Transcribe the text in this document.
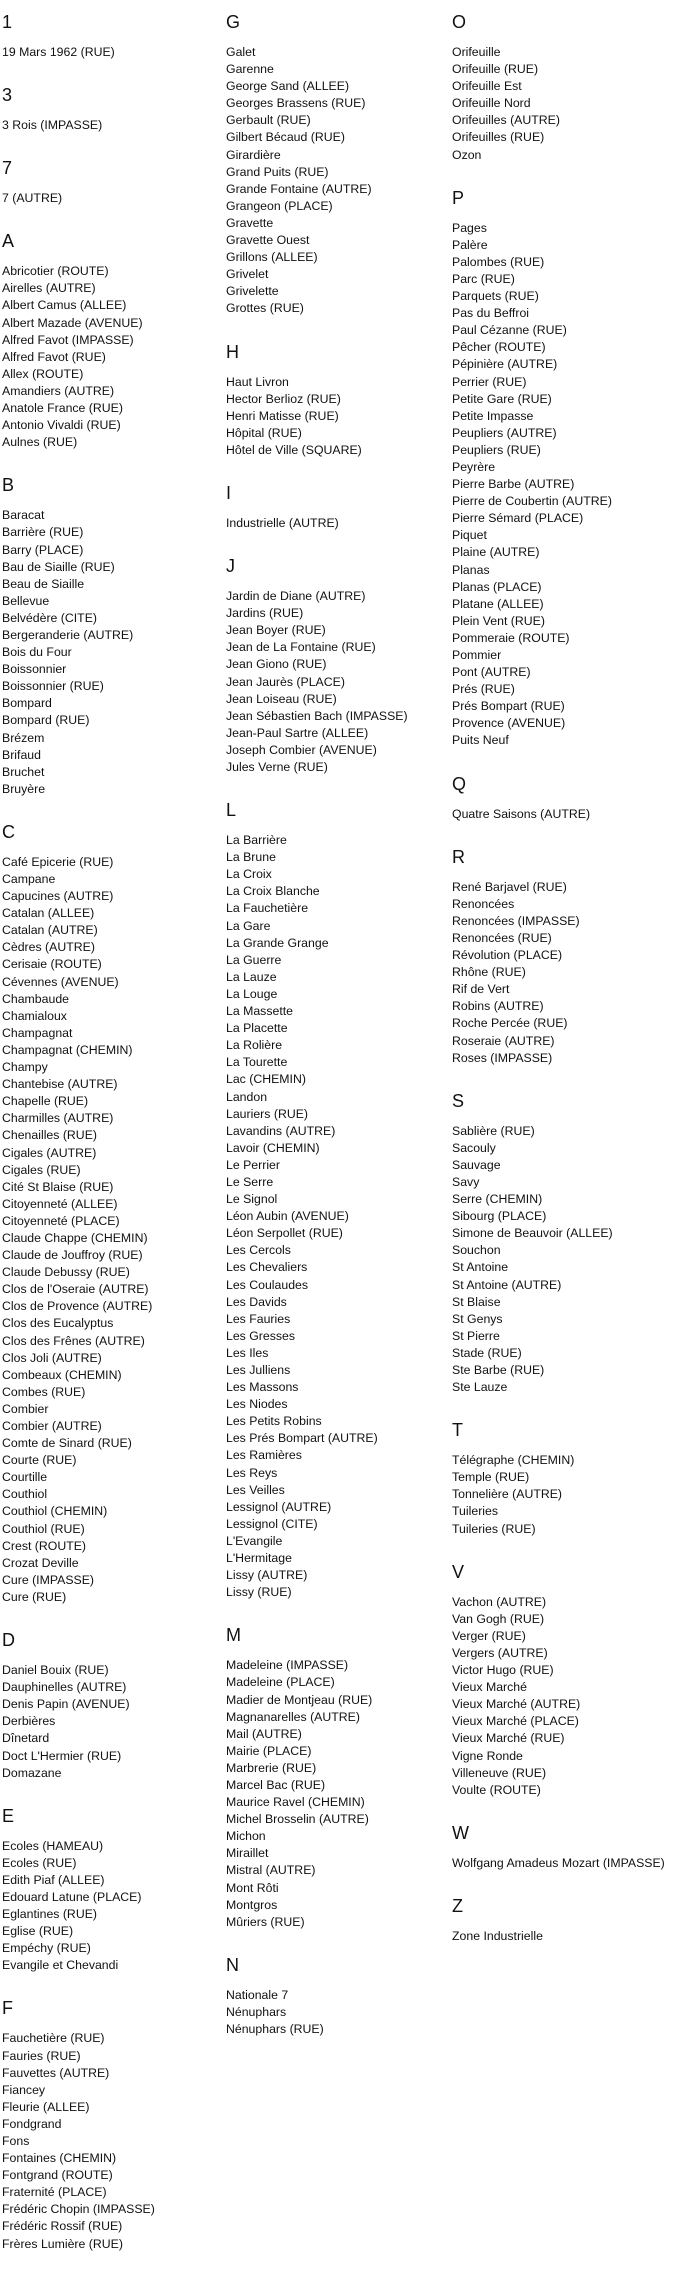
1
19 Mars 1962 (RUE)
3
3 Rois (IMPASSE)
7
7 (AUTRE)
A
Abricotier (ROUTE)
Airelles (AUTRE)
Albert Camus (ALLEE)
Albert Mazade (AVENUE)
Alfred Favot (IMPASSE)
Alfred Favot (RUE)
Allex (ROUTE)
Amandiers (AUTRE)
Anatole France (RUE)
Antonio Vivaldi (RUE)
Aulnes (RUE)
B
Baracat
Barrière (RUE)
Barry (PLACE)
Bau de Siaille (RUE)
Beau de Siaille
Bellevue
Belvédère (CITE)
Bergeranderie (AUTRE)
Bois du Four
Boissonnier
Boissonnier (RUE)
Bompard
Bompard (RUE)
Brézem
Brifaud
Bruchet
Bruyère
C
Café Epicerie (RUE)
Campane
Capucines (AUTRE)
Catalan (ALLEE)
Catalan (AUTRE)
Cèdres (AUTRE)
Cerisaie (ROUTE)
Cévennes (AVENUE)
Chambaude
Chamialoux
Champagnat
Champagnat (CHEMIN)
Champy
Chantebise (AUTRE)
Chapelle (RUE)
Charmilles (AUTRE)
Chenailles (RUE)
Cigales (AUTRE)
Cigales (RUE)
Cité St Blaise (RUE)
Citoyenneté (ALLEE)
Citoyenneté (PLACE)
Claude Chappe (CHEMIN)
Claude de Jouffroy (RUE)
Claude Debussy (RUE)
Clos de l'Oseraie (AUTRE)
Clos de Provence (AUTRE)
Clos des Eucalyptus
Clos des Frênes (AUTRE)
Clos Joli (AUTRE)
Combeaux (CHEMIN)
Combes (RUE)
Combier
Combier (AUTRE)
Comte de Sinard (RUE)
Courte (RUE)
Courtille
Couthiol
Couthiol (CHEMIN)
Couthiol (RUE)
Crest (ROUTE)
Crozat Deville
Cure (IMPASSE)
Cure (RUE)
D
Daniel Bouix (RUE)
Dauphinelles (AUTRE)
Denis Papin (AVENUE)
Derbières
Dînetard
Doct L'Hermier (RUE)
Domazane
E
Ecoles (HAMEAU)
Ecoles (RUE)
Edith Piaf (ALLEE)
Edouard Latune (PLACE)
Eglantines (RUE)
Eglise (RUE)
Empéchy (RUE)
Evangile et Chevandi
F
Fauchetière (RUE)
Fauries (RUE)
Fauvettes (AUTRE)
Fiancey
Fleurie (ALLEE)
Fondgrand
Fons
Fontaines (CHEMIN)
Fontgrand (ROUTE)
Fraternité (PLACE)
Frédéric Chopin (IMPASSE)
Frédéric Rossif (RUE)
Frères Lumière (RUE)
G
Galet
Garenne
George Sand (ALLEE)
Georges Brassens (RUE)
Gerbault (RUE)
Gilbert Bécaud (RUE)
Girardière
Grand Puits (RUE)
Grande Fontaine (AUTRE)
Grangeon (PLACE)
Gravette
Gravette Ouest
Grillons (ALLEE)
Grivelet
Grivelette
Grottes (RUE)
H
Haut Livron
Hector Berlioz (RUE)
Henri Matisse (RUE)
Hôpital (RUE)
Hôtel de Ville (SQUARE)
I
Industrielle (AUTRE)
J
Jardin de Diane (AUTRE)
Jardins (RUE)
Jean Boyer (RUE)
Jean de La Fontaine (RUE)
Jean Giono (RUE)
Jean Jaurès (PLACE)
Jean Loiseau (RUE)
Jean Sébastien Bach (IMPASSE)
Jean-Paul Sartre (ALLEE)
Joseph Combier (AVENUE)
Jules Verne (RUE)
L
La Barrière
La Brune
La Croix
La Croix Blanche
La Fauchetière
La Gare
La Grande Grange
La Guerre
La Lauze
La Louge
La Massette
La Placette
La Rolière
La Tourette
Lac (CHEMIN)
Landon
Lauriers (RUE)
Lavandins (AUTRE)
Lavoir (CHEMIN)
Le Perrier
Le Serre
Le Signol
Léon Aubin (AVENUE)
Léon Serpollet (RUE)
Les Cercols
Les Chevaliers
Les Coulaudes
Les Davids
Les Fauries
Les Gresses
Les Iles
Les Julliens
Les Massons
Les Niodes
Les Petits Robins
Les Prés Bompart (AUTRE)
Les Ramières
Les Reys
Les Veilles
Lessignol (AUTRE)
Lessignol (CITE)
L'Evangile
L'Hermitage
Lissy (AUTRE)
Lissy (RUE)
M
Madeleine (IMPASSE)
Madeleine (PLACE)
Madier de Montjeau (RUE)
Magnanarelles (AUTRE)
Mail (AUTRE)
Mairie (PLACE)
Marbrerie (RUE)
Marcel Bac (RUE)
Maurice Ravel (CHEMIN)
Michel Brosselin (AUTRE)
Michon
Miraillet
Mistral (AUTRE)
Mont Rôti
Montgros
Mûriers (RUE)
N
Nationale 7
Nénuphars
Nénuphars (RUE)
O
Orifeuille
Orifeuille (RUE)
Orifeuille Est
Orifeuille Nord
Orifeuilles (AUTRE)
Orifeuilles (RUE)
Ozon
P
Pages
Palère
Palombes (RUE)
Parc (RUE)
Parquets (RUE)
Pas du Beffroi
Paul Cézanne (RUE)
Pêcher (ROUTE)
Pépinière (AUTRE)
Perrier (RUE)
Petite Gare (RUE)
Petite Impasse
Peupliers (AUTRE)
Peupliers (RUE)
Peyrère
Pierre Barbe (AUTRE)
Pierre de Coubertin (AUTRE)
Pierre Sémard (PLACE)
Piquet
Plaine (AUTRE)
Planas
Planas (PLACE)
Platane (ALLEE)
Plein Vent (RUE)
Pommeraie (ROUTE)
Pommier
Pont (AUTRE)
Prés (RUE)
Prés Bompart (RUE)
Provence (AVENUE)
Puits Neuf
Q
Quatre Saisons (AUTRE)
R
René Barjavel (RUE)
Renoncées
Renoncées (IMPASSE)
Renoncées (RUE)
Révolution (PLACE)
Rhône (RUE)
Rif de Vert
Robins (AUTRE)
Roche Percée (RUE)
Roseraie (AUTRE)
Roses (IMPASSE)
S
Sablière (RUE)
Sacouly
Sauvage
Savy
Serre (CHEMIN)
Sibourg (PLACE)
Simone de Beauvoir (ALLEE)
Souchon
St Antoine
St Antoine (AUTRE)
St Blaise
St Genys
St Pierre
Stade (RUE)
Ste Barbe (RUE)
Ste Lauze
T
Télégraphe (CHEMIN)
Temple (RUE)
Tonnelière (AUTRE)
Tuileries
Tuileries (RUE)
V
Vachon (AUTRE)
Van Gogh (RUE)
Verger (RUE)
Vergers (AUTRE)
Victor Hugo (RUE)
Vieux Marché
Vieux Marché (AUTRE)
Vieux Marché (PLACE)
Vieux Marché (RUE)
Vigne Ronde
Villeneuve (RUE)
Voulte (ROUTE)
W
Wolfgang Amadeus Mozart (IMPASSE)
Z
Zone Industrielle
